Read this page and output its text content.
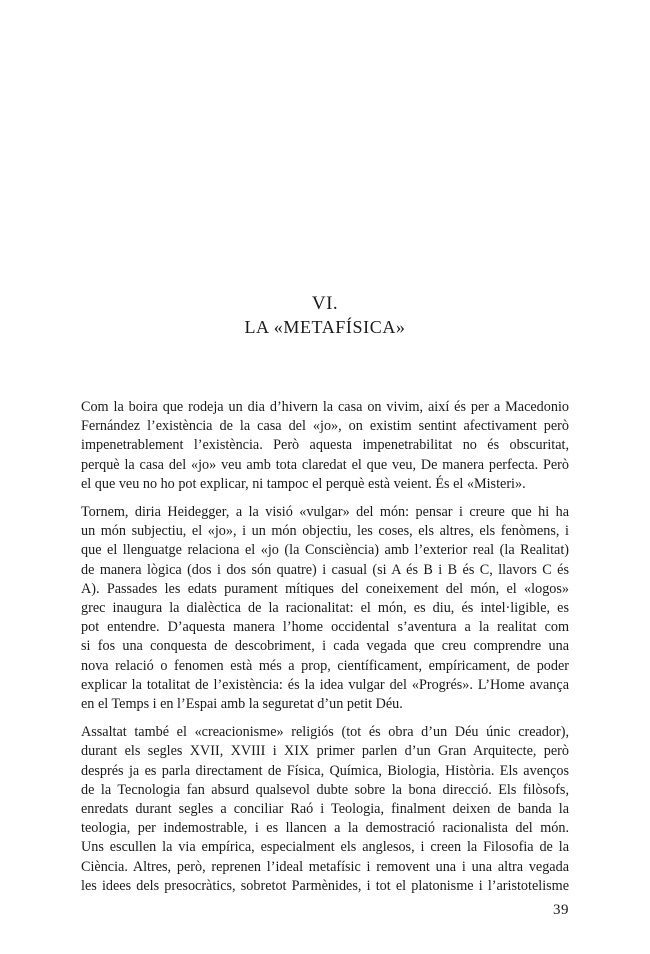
VI.
LA «METAFÍSICA»

Com la boira que rodeja un dia d’hivern la casa on vivim, així és per a Macedonio
Fernández l’existència de la casa del «jo», on existim sentint afectivament però
impenetrablement l’existència. Però aquesta impenetrabilitat no és obscuritat,
perquè la casa del «jo» veu amb tota claredat el que veu, De manera perfecta. Però
el que veu no ho pot explicar, ni tampoc el perquè està veient. És el «Misteri».

Tornem, diria Heidegger, a la visió «vulgar» del món: pensar i creure que hi ha
un món subjectiu, el «jo», i un món objectiu, les coses, els altres, els fenòmens, i
que el llenguatge relaciona el «jo (la Consciència) amb l’exterior real (la Realitat)
de manera lògica (dos i dos són quatre) i casual (si A és B i B és C, llavors C és
A). Passades les edats purament mítiques del coneixement del món, el «logos»
grec inaugura la dialèctica de la racionalitat: el món, es diu, és intel·ligible, es
pot entendre. D’aquesta manera l’home occidental s’aventura a la realitat com
si fos una conquesta de descobriment, i cada vegada que creu comprendre una
nova relació o fenomen està més a prop, científicament, empíricament, de poder
explicar la totalitat de l’existència: és la idea vulgar del «Progrés». L’Home avança
en el Temps i en l’Espai amb la seguretat d’un petit Déu.

Assaltat també el «creacionisme» religiós (tot és obra d’un Déu únic creador),
durant els segles XVII, XVIII i XIX primer parlen d’un Gran Arquitecte, però
després ja es parla directament de Física, Química, Biologia, Història. Els avenços
de la Tecnologia fan absurd qualsevol dubte sobre la bona direcció. Els filòsofs,
enredats durant segles a conciliar Raó i Teologia, finalment deixen de banda la
teologia, per indemostrable, i es llancen a la demostració racionalista del món.
Uns escullen la via empírica, especialment els anglesos, i creen la Filosofia de la
Ciència. Altres, però, reprenen l’ideal metafísic i removent una i una altra vegada
les idees dels presocràtics, sobretot Parmènides, i tot el platonisme i l’aristotelisme

39
